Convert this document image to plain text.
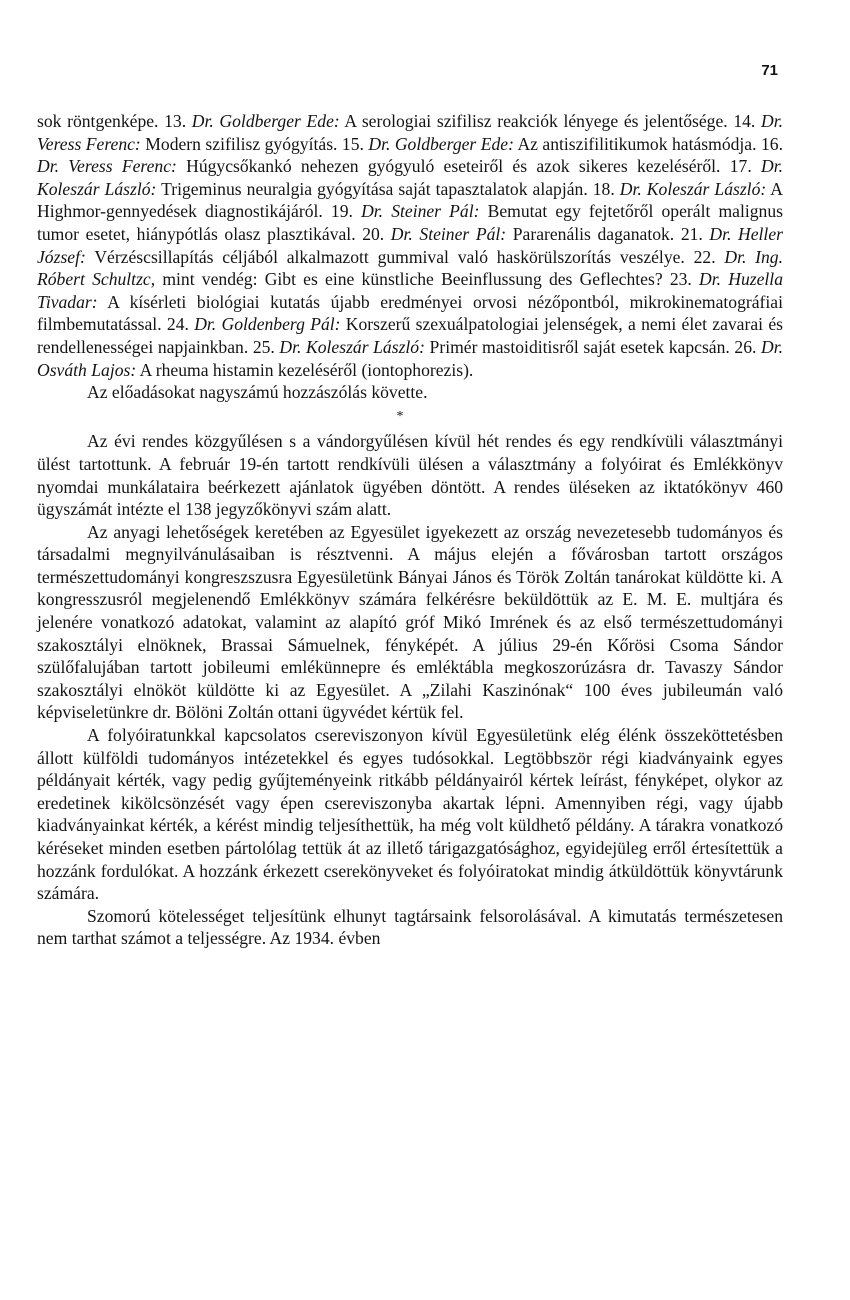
71

sok röntgenképe. 13. Dr. Goldberger Ede: A serologiai szifilisz reakciók lényege és jelentősége. 14. Dr. Veress Ferenc: Modern szifilisz gyógyítás. 15. Dr. Goldberger Ede: Az antiszifilitikumok hatásmódja. 16. Dr. Veress Ferenc: Húgycsőkankó nehezen gyógyuló eseteiről és azok sikeres kezeléséről. 17. Dr. Koleszár László: Trigeminus neuralgia gyógyítása saját tapasztalatok alapján. 18. Dr. Koleszár László: A Highmor-gennyedések diagnostikájáról. 19. Dr. Steiner Pál: Bemutat egy fejtetőről operált malignus tumor esetet, hiánypótlás olasz plasztikával. 20. Dr. Steiner Pál: Pararenális daganatok. 21. Dr. Heller József: Vérzéscsillapítás céljából alkalmazott gummival való haskörülszorítás veszélye. 22. Dr. Ing. Róbert Schultzc, mint vendég: Gibt es eine künstliche Beeinflussung des Geflechtes? 23. Dr. Huzella Tivadar: A kísérleti biológiai kutatás újabb eredményei orvosi nézőpontból, mikrokinematográfiai filmbemutatással. 24. Dr. Goldenberg Pál: Korszerű szexuálpatologiai jelenségek, a nemi élet zavarai és rendellenességei napjainkban. 25. Dr. Koleszár László: Primér mastoiditisről saját esetek kapcsán. 26. Dr. Osváth Lajos: A rheuma histamin kezeléséről (iontophorezis).

Az előadásokat nagyszámú hozzászólás követte.

*

Az évi rendes közgyűlésen s a vándorgyűlésen kívül hét rendes és egy rendkívüli választmányi ülést tartottunk. A február 19-én tartott rendkívüli ülésen a választmány a folyóirat és Emlékkönyv nyomdai munkálataira beérkezett ajánlatok ügyében döntött. A rendes üléseken az iktatókönyv 460 ügyszámát intézte el 138 jegyzőkönyvi szám alatt.

Az anyagi lehetőségek keretében az Egyesület igyekezett az ország nevezetesebb tudományos és társadalmi megnyilvánulásaiban is résztvenni. A május elején a fővárosban tartott országos természettudományi kongreszszusra Egyesületünk Bányai János és Török Zoltán tanárokat küldötte ki. A kongresszusról megjelenendő Emlékkönyv számára felkérésre beküldöttük az E. M. E. multjára és jelenére vonatkozó adatokat, valamint az alapító gróf Mikó Imrének és az első természettudományi szakosztályi elnöknek, Brassai Sámuelnek, fényképét. A július 29-én Kőrösi Csoma Sándor szülőfalujában tartott jobileumi emlékünnepre és emléktábla megkoszorúzásra dr. Tavaszy Sándor szakosztályi elnököt küldötte ki az Egyesület. A „Zilahi Kaszinónak“ 100 éves jubileumán való képviseletünkre dr. Bölöni Zoltán ottani ügyvédet kértük fel.

A folyóiratunkkal kapcsolatos csereviszonyon kívül Egyesületünk elég élénk összeköttetésben állott külföldi tudományos intézetekkel és egyes tudósokkal. Legtöbbször régi kiadványaink egyes példányait kérték, vagy pedig gyűjteményeink ritkább példányairól kértek leírást, fényképet, olykor az eredetinek kikölcsönzését vagy épen csereviszonyba akartak lépni. Amennyiben régi, vagy újabb kiadványainkat kérték, a kérést mindig teljesíthettük, ha még volt küldhető példány. A tárakra vonatkozó kéréseket minden esetben pártolólag tettük át az illető tárigazgatósághoz, egyidejüleg erről értesítettük a hozzánk fordulókat. A hozzánk érkezett cserekönyveket és folyóiratokat mindig átküldöttük könyvtárunk számára.

Szomorú kötelességet teljesítünk elhunyt tagtársaink felsorolásával. A kimutatás természetesen nem tarthat számot a teljességre. Az 1934. évben
